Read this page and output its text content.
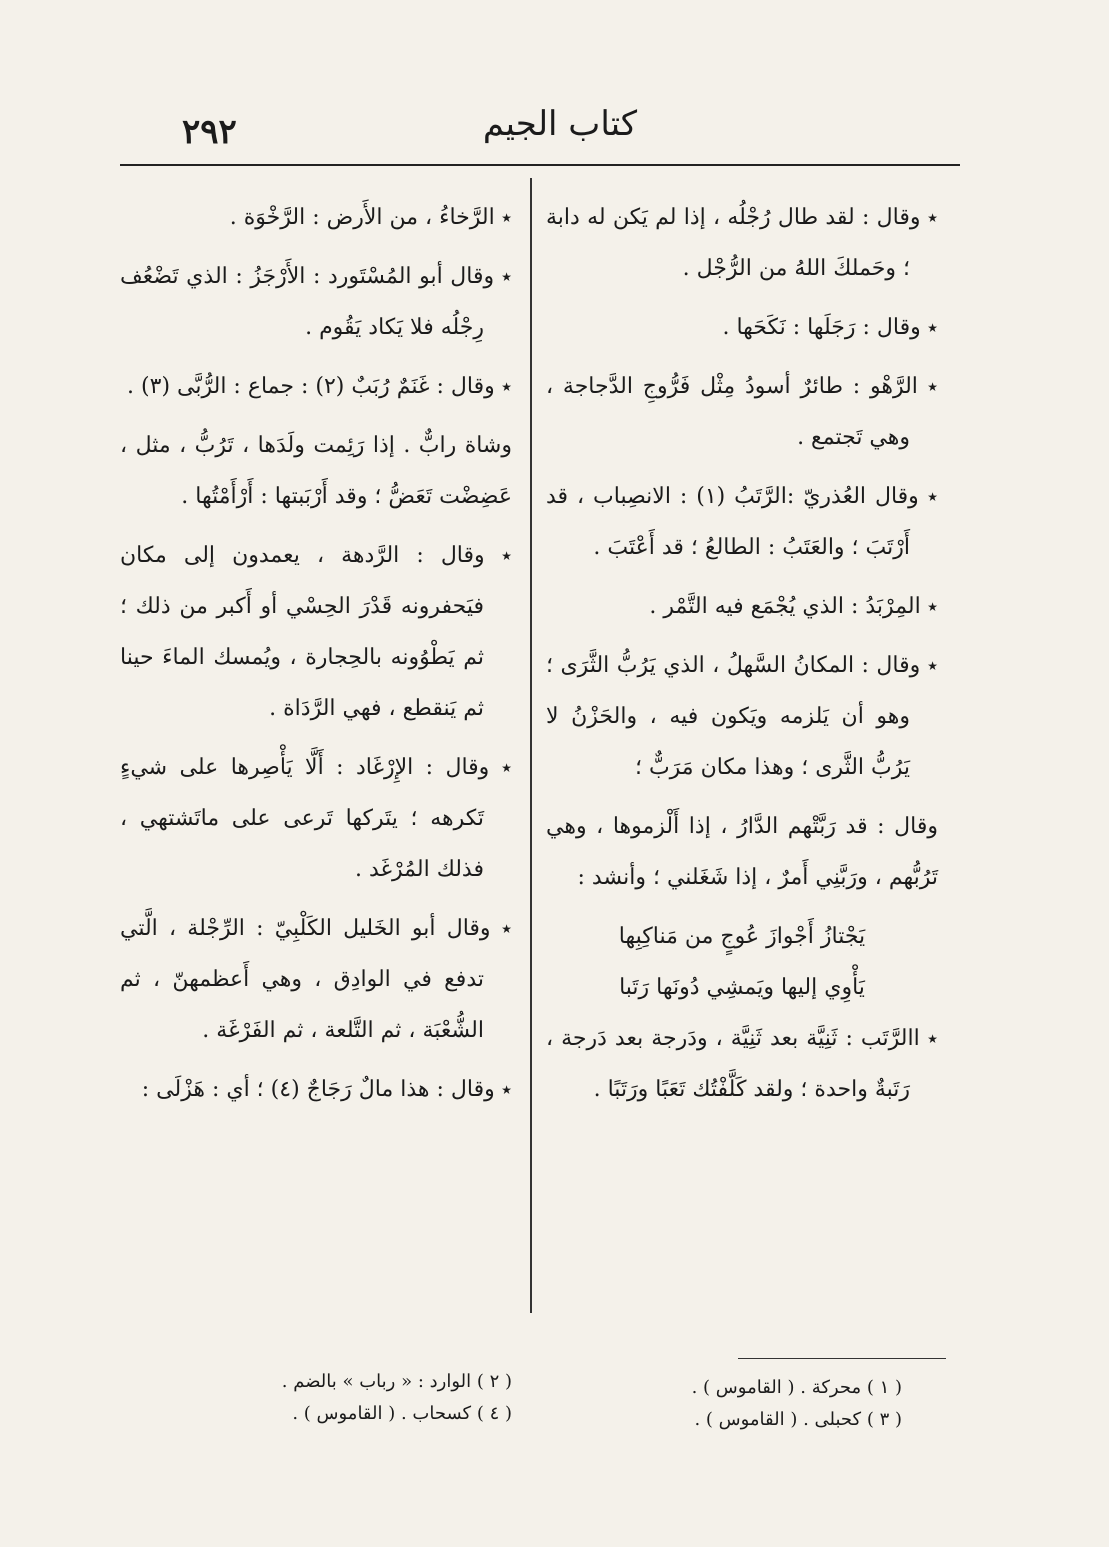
٢٩٢	كتاب الجيم

٭ وقال : لقد طال رُجْلُه ، إذا لم يَكن له دابة ؛ وحَملكَ اللهُ من الرُّجْل .

٭ وقال : رَجَلَها : نَكَحَها .

٭ الرَّهْو : طائرٌ أسودُ مِثْل فَرُّوجِ الدَّجاجة ، وهي تَجتمع .

٭ وقال العُذريّ :الرَّتَبُ (١) : الانصِباب ، قد أَرْتَبَ ؛ والعَتَبُ : الطالعُ ؛ قد أَعْتَبَ .

٭ المِرْبَدُ : الذي يُجْمَع فيه التَّمْر .

٭ وقال : المكانُ السَّهلُ ، الذي يَرُبُّ الثَّرَى ؛ وهو أن يَلزمه ويَكون فيه ، والحَزْنُ لا يَرُبُّ الثَّرى ؛ وهذا مكان مَرَبٌّ ؛

وقال : قد رَبَّتْهم الدَّارُ ، إذا أَلْزموها ، وهي تَرُبُّهم ، ورَبَّنِي أَمرٌ ، إذا شَغَلني ؛ وأنشد :

يَجْتازُ أَجْوازَ عُوجٍ من مَناكِبِها

يَأْوِي إليها ويَمشِي دُونَها رَتَبا

٭ االرَّتَب : ثَنِيَّة بعد ثَنِيَّة ، ودَرجة بعد دَرجة ، رَتَبةٌ واحدة ؛ ولقد كَلَّفْتُك تَعَبًا ورَتَبًا .

٭ الرَّخاءُ ، من الأَرض : الرَّخْوَة .

٭ وقال أبو المُسْتَورد : الأَرْجَزُ : الذي تَضْعُف رِجْلُه فلا يَكاد يَقُوم .

٭ وقال : غَنَمٌ رُبَبٌ (٢) : جماع : الرُّبَّى (٣) .

وشاة رابٌّ . إذا رَئِمت ولَدَها ، تَرُبُّ ، مثل ، عَضِضْت تَعَضُّ ؛ وقد أَرْبَبتها : أَرْأَمْتُها .

٭ وقال : الرَّدهة ، يعمدون إلى مكان فيَحفرونه قَدْرَ الحِسْي أو أَكبر من ذلك ؛ ثم يَطْوُونه بالحِجارة ، ويُمسك الماءَ حينا ثم يَنقطع ، فهي الرَّدَاة .

٭ وقال : الإِرْغَاد : أَلَّا يَأْصِرها على شيءٍ تَكرهه ؛ يتَركها تَرعى على ماتَشتهي ، فذلك المُرْغَد .

٭ وقال أبو الخَليل الكَلْبِيّ : الرِّجْلة ، الَّتي تدفع في الوادِق ، وهي أَعظمهنّ ، ثم الشُّعْبَة ، ثم التَّلعة ، ثم الفَرْغَة .

٭ وقال : هذا مالٌ رَجَاجٌ (٤) ؛ أي : هَزْلَى :

( ١ ) محركة . ( القاموس ) .

( ٣ ) كحبلى . ( القاموس ) .

( ٢ ) الوارد : « رباب » بالضم .

( ٤ ) كسحاب . ( القاموس ) .
